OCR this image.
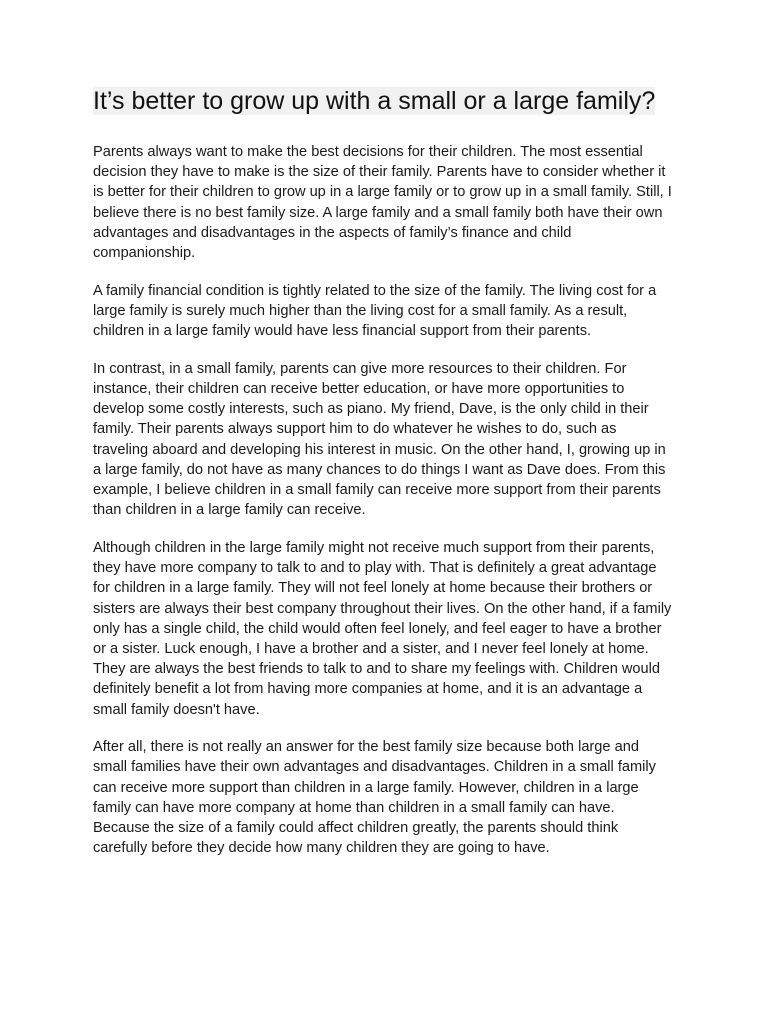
It’s better to grow up with a small or a large family?

Parents always want to make the best decisions for their children. The most essential decision they have to make is the size of their family. Parents have to consider whether it is better for their children to grow up in a large family or to grow up in a small family. Still, I believe there is no best family size. A large family and a small family both have their own advantages and disadvantages in the aspects of family’s finance and child companionship.

A family financial condition is tightly related to the size of the family. The living cost for a large family is surely much higher than the living cost for a small family. As a result, children in a large family would have less financial support from their parents.

In contrast, in a small family, parents can give more resources to their children. For instance, their children can receive better education, or have more opportunities to develop some costly interests, such as piano. My friend, Dave, is the only child in their family. Their parents always support him to do whatever he wishes to do, such as traveling aboard and developing his interest in music. On the other hand, I, growing up in a large family, do not have as many chances to do things I want as Dave does. From this example, I believe children in a small family can receive more support from their parents than children in a large family can receive.

Although children in the large family might not receive much support from their parents, they have more company to talk to and to play with. That is definitely a great advantage for children in a large family. They will not feel lonely at home because their brothers or sisters are always their best company throughout their lives. On the other hand, if a family only has a single child, the child would often feel lonely, and feel eager to have a brother or a sister. Luck enough, I have a brother and a sister, and I never feel lonely at home. They are always the best friends to talk to and to share my feelings with. Children would definitely benefit a lot from having more companies at home, and it is an advantage a small family doesn't have.

After all, there is not really an answer for the best family size because both large and small families have their own advantages and disadvantages. Children in a small family can receive more support than children in a large family. However, children in a large family can have more company at home than children in a small family can have. Because the size of a family could affect children greatly, the parents should think carefully before they decide how many children they are going to have.
